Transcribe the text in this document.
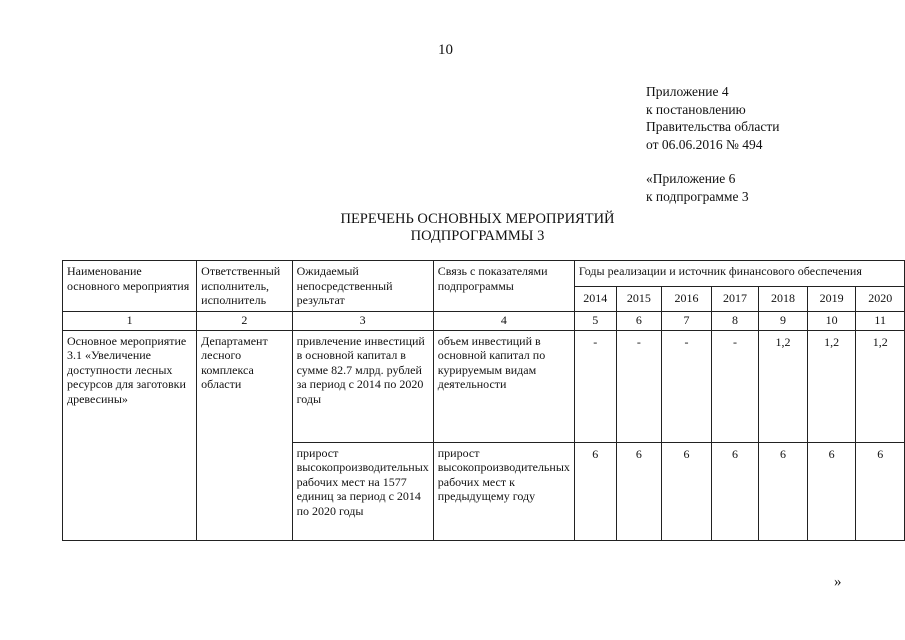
10
Приложение 4
к постановлению
Правительства области
от 06.06.2016 № 494
«Приложение 6
к подпрограмме 3
ПЕРЕЧЕНЬ ОСНОВНЫХ МЕРОПРИЯТИЙ
ПОДПРОГРАММЫ 3
Наименование основного мероприятия	Ответственный исполнитель, исполнитель	Ожидаемый непосредственный результат	Связь с показателями подпрограммы	Годы реализации и источник финансового обеспечения						
				2014	2015	2016	2017	2018	2019	2020
1	2	3	4	5	6	7	8	9	10	11
Основное мероприятие 3.1 «Увеличение доступности лесных ресурсов для заготовки древесины»	Департамент лесного комплекса области	привлечение инвестиций в основной капитал в сумме 82.7 млрд. рублей за период с 2014 по 2020 годы	объем инвестиций в основной капитал по курируемым видам деятельности	-	-	-	-	1,2	1,2	1,2
		прирост высокопроизводительных рабочих мест на 1577 единиц за период с 2014 по 2020 годы	прирост высокопроизводительных рабочих мест к предыдущему году	6	6	6	6	6	6	6
»
